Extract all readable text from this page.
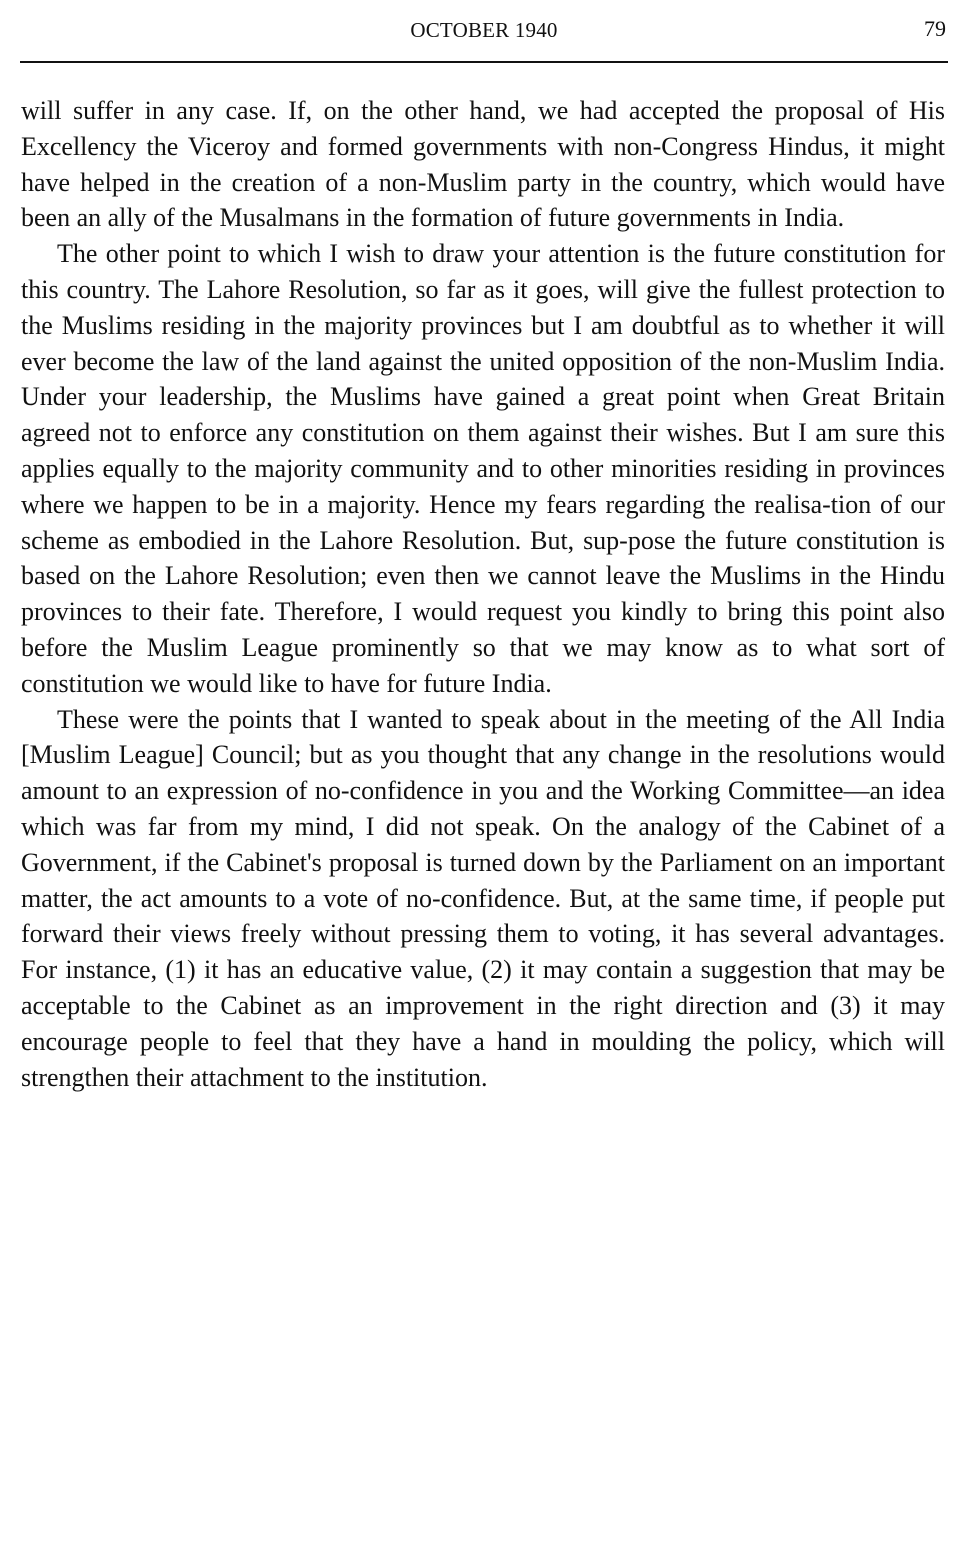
OCTOBER 1940	79

will suffer in any case. If, on the other hand, we had accepted the proposal of His Excellency the Viceroy and formed governments with non-Congress Hindus, it might have helped in the creation of a non-Muslim party in the country, which would have been an ally of the Musalmans in the formation of future governments in India.

The other point to which I wish to draw your attention is the future constitution for this country. The Lahore Resolution, so far as it goes, will give the fullest protection to the Muslims residing in the majority provinces but I am doubtful as to whether it will ever become the law of the land against the united opposition of the non-Muslim India. Under your leadership, the Muslims have gained a great point when Great Britain agreed not to enforce any constitution on them against their wishes. But I am sure this applies equally to the majority community and to other minorities residing in provinces where we happen to be in a majority. Hence my fears regarding the realisa-tion of our scheme as embodied in the Lahore Resolution. But, sup-pose the future constitution is based on the Lahore Resolution; even then we cannot leave the Muslims in the Hindu provinces to their fate. Therefore, I would request you kindly to bring this point also before the Muslim League prominently so that we may know as to what sort of constitution we would like to have for future India.

These were the points that I wanted to speak about in the meeting of the All India [Muslim League] Council; but as you thought that any change in the resolutions would amount to an expression of no-confidence in you and the Working Committee—an idea which was far from my mind, I did not speak. On the analogy of the Cabinet of a Government, if the Cabinet's proposal is turned down by the Parliament on an important matter, the act amounts to a vote of no-confidence. But, at the same time, if people put forward their views freely without pressing them to voting, it has several advantages. For instance, (1) it has an educative value, (2) it may contain a suggestion that may be acceptable to the Cabinet as an improvement in the right direction and (3) it may encourage people to feel that they have a hand in moulding the policy, which will strengthen their attachment to the institution.
